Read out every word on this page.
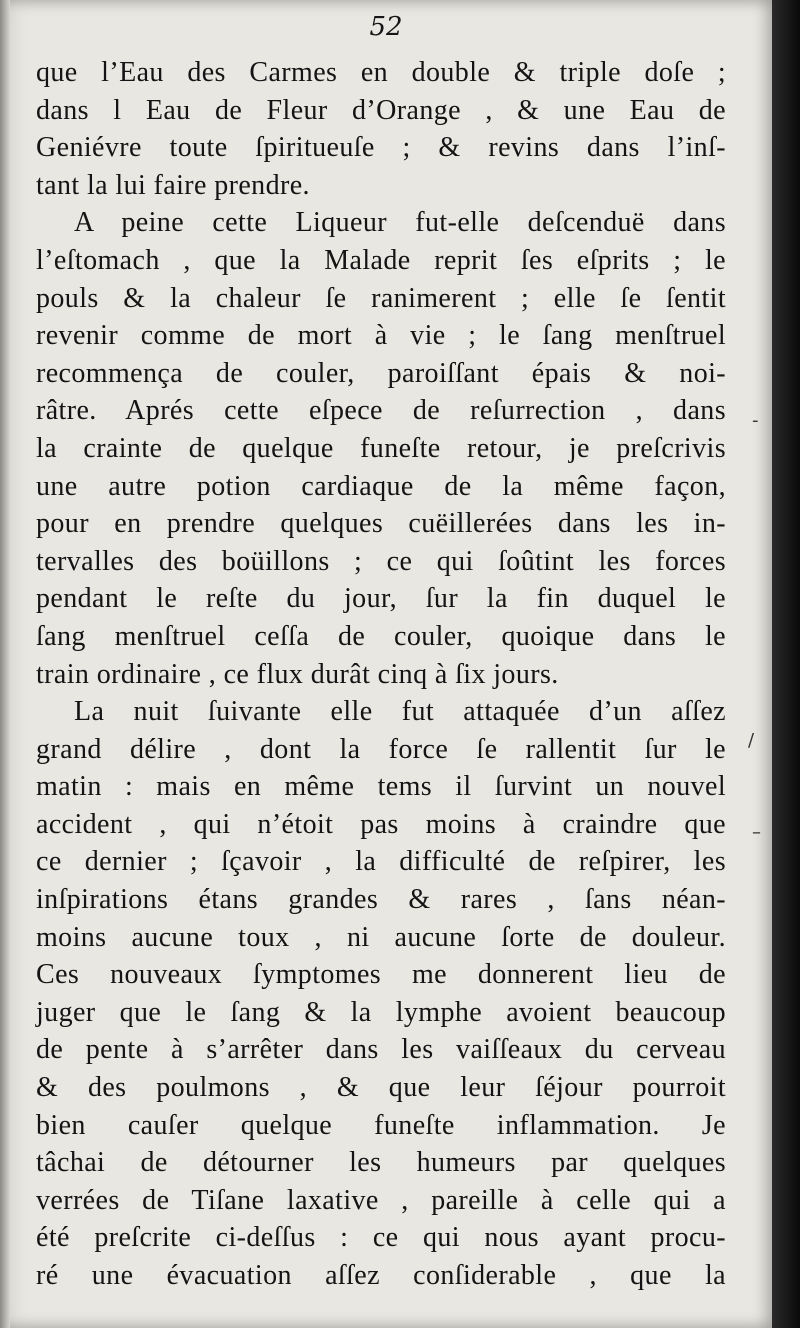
52
que l’Eau des Carmes en double & triple doſe ;
dans l Eau de Fleur d’Orange , & une Eau de
Geniévre toute ſpiritueuſe ; & revins dans l’inſ-
tant la lui faire prendre.
A peine cette Liqueur fut-elle deſcenduë dans
l’eſtomach , que la Malade reprit ſes eſprits ; le
pouls & la chaleur ſe ranimerent ; elle ſe ſentit
revenir comme de mort à vie ; le ſang menſtruel
recommença de couler, paroiſſant épais & noi-
râtre. Aprés cette eſpece de reſurrection , dans
la crainte de quelque funeſte retour, je preſcrivis
une autre potion cardiaque de la même façon,
pour en prendre quelques cuëillerées dans les in-
tervalles des boüillons ; ce qui ſoûtint les forces
pendant le reſte du jour, ſur la fin duquel le
ſang menſtruel ceſſa de couler, quoique dans le
train ordinaire , ce flux durât cinq à ſix jours.
La nuit ſuivante elle fut attaquée d’un aſſez
grand délire , dont la force ſe rallentit ſur le
matin : mais en même tems il ſurvint un nouvel
accident , qui n’étoit pas moins à craindre que
ce dernier ; ſçavoir , la difficulté de reſpirer, les
inſpirations étans grandes & rares , ſans néan-
moins aucune toux , ni aucune ſorte de douleur.
Ces nouveaux ſymptomes me donnerent lieu de
juger que le ſang & la lymphe avoient beaucoup
de pente à s’arrêter dans les vaiſſeaux du cerveau
& des poulmons , & que leur ſéjour pourroit
bien cauſer quelque funeſte inflammation. Je
tâchai de détourner les humeurs par quelques
verrées de Tiſane laxative , pareille à celle qui a
été preſcrite ci-deſſus : ce qui nous ayant procu-
ré une évacuation aſſez conſiderable , que la
-
/
–
